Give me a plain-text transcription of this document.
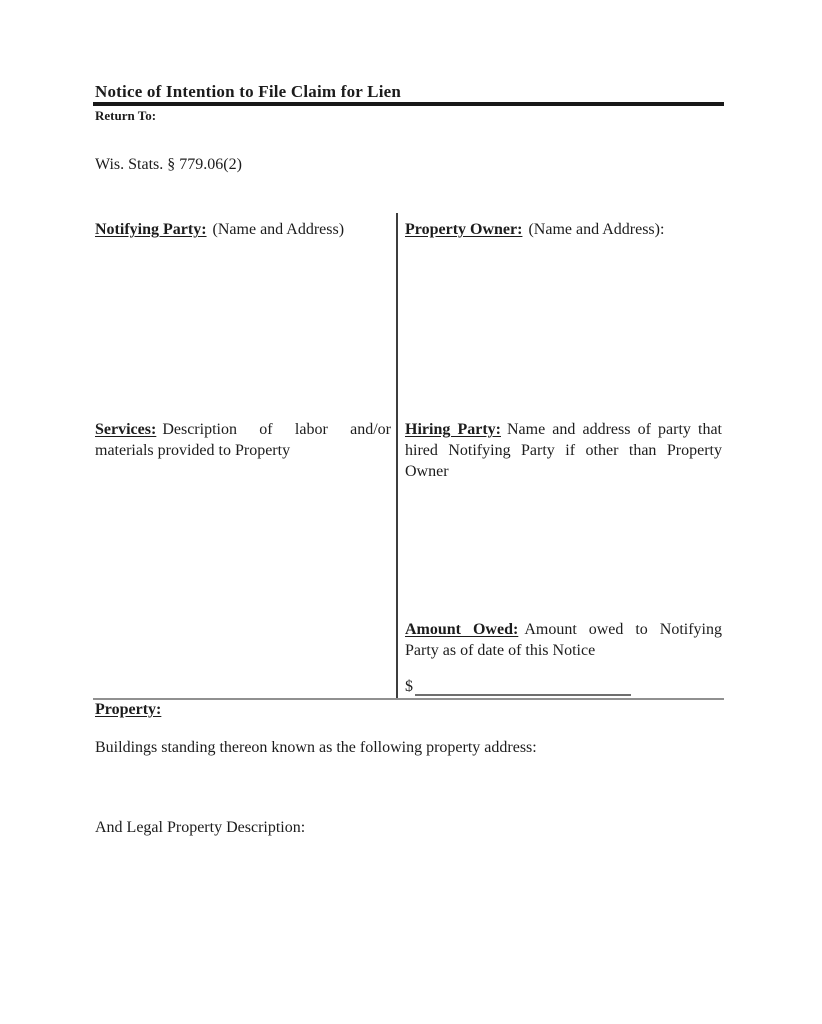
Notice of Intention to File Claim for Lien
Return To:
Wis. Stats. § 779.06(2)
Notifying Party: (Name and Address)	Property Owner: (Name and Address):
Services: Description of labor and/or materials provided to Property
Hiring Party: Name and address of party that hired Notifying Party if other than Property Owner
Amount Owed: Amount owed to Notifying Party as of date of this Notice
$
Property:
Buildings standing thereon known as the following property address:
And Legal Property Description:
